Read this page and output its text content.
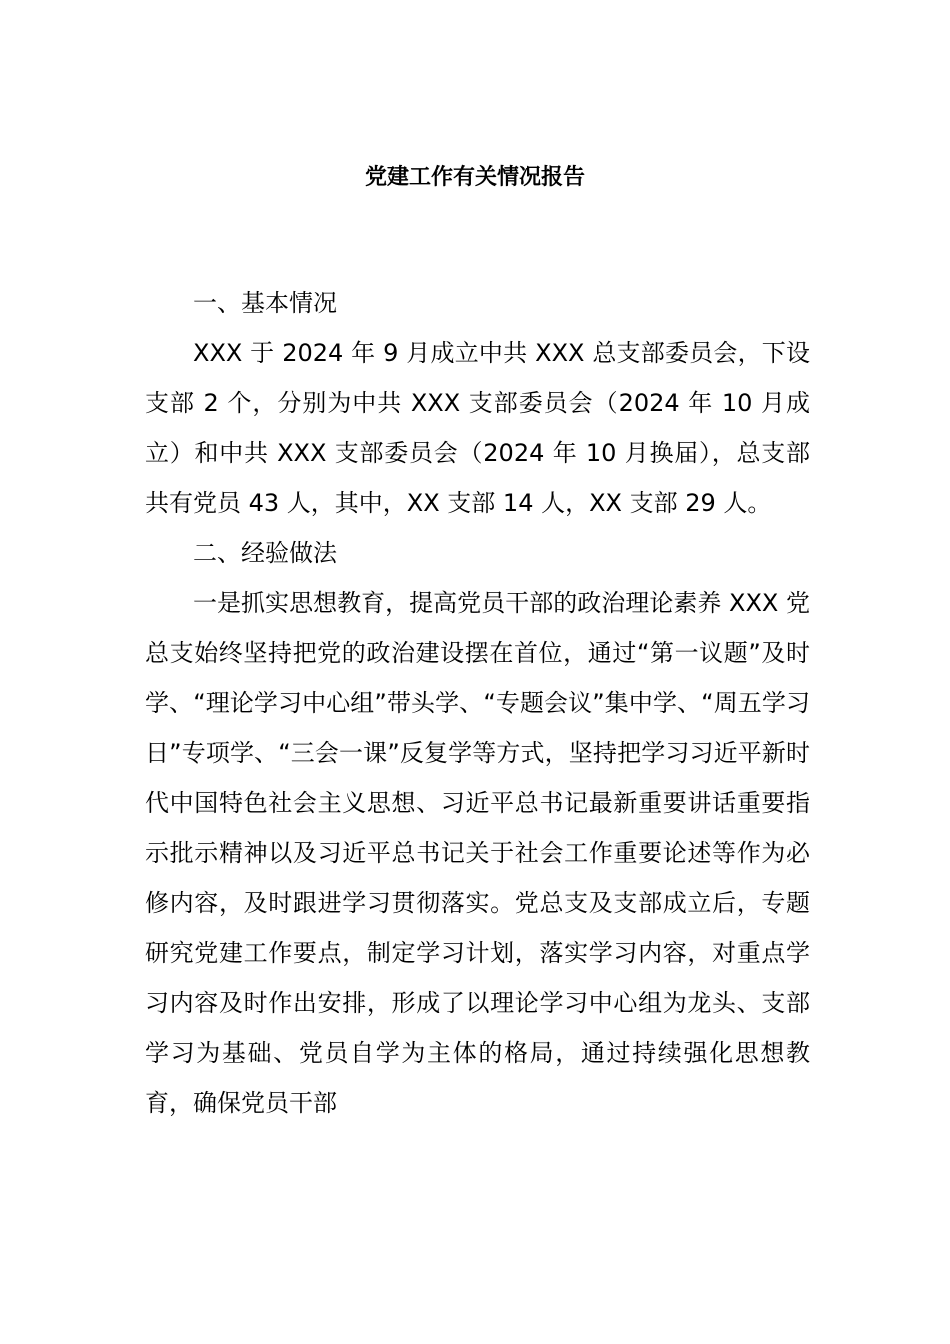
党建工作有关情况报告

一、基本情况

XXX 于 2024 年 9 月成立中共 XXX 总支部委员会，下设支部 2 个，分别为中共 XXX 支部委员会（2024 年 10 月成立）和中共 XXX 支部委员会（2024 年 10 月换届），总支部共有党员 43 人，其中，XX 支部 14 人，XX 支部 29 人。

二、经验做法

一是抓实思想教育，提高党员干部的政治理论素养 XXX 党总支始终坚持把党的政治建设摆在首位，通过“第一议题”及时学、“理论学习中心组”带头学、“专题会议”集中学、“周五学习日”专项学、“三会一课”反复学等方式，坚持把学习习近平新时代中国特色社会主义思想、习近平总书记最新重要讲话重要指示批示精神以及习近平总书记关于社会工作重要论述等作为必修内容，及时跟进学习贯彻落实。党总支及支部成立后，专题研究党建工作要点，制定学习计划，落实学习内容，对重点学习内容及时作出安排，形成了以理论学习中心组为龙头、支部学习为基础、党员自学为主体的格局，通过持续强化思想教育，确保党员干部
